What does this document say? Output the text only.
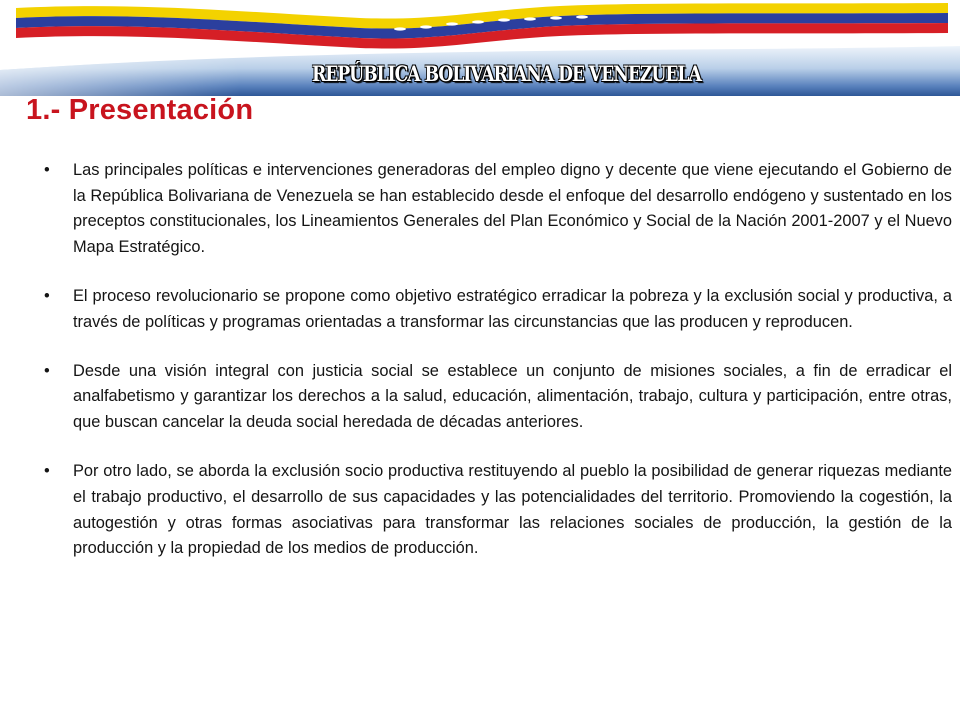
REPÚBLICA BOLIVARIANA DE VENEZUELA
1.- Presentación
• Las principales políticas e intervenciones generadoras del empleo digno y decente que viene ejecutando el Gobierno de la República Bolivariana de Venezuela se han establecido desde el enfoque del desarrollo endógeno y sustentado en los preceptos constitucionales, los Lineamientos Generales del Plan Económico y Social de la Nación 2001-2007 y el Nuevo Mapa Estratégico.
• El proceso revolucionario se propone como objetivo estratégico erradicar la pobreza y la exclusión social y productiva, a través de políticas y programas orientadas a transformar las circunstancias que las producen y reproducen.
• Desde una visión integral con justicia social se establece un conjunto de misiones sociales, a fin de erradicar el analfabetismo y garantizar los derechos a la salud, educación, alimentación, trabajo, cultura y participación, entre otras, que buscan cancelar la deuda social heredada de décadas anteriores.
• Por otro lado, se aborda la exclusión socio productiva restituyendo al pueblo la posibilidad de generar riquezas mediante el trabajo productivo, el desarrollo de sus capacidades y las potencialidades del territorio. Promoviendo la cogestión, la autogestión y otras formas asociativas para transformar las relaciones sociales de producción, la gestión de la producción y la propiedad de los medios de producción.
